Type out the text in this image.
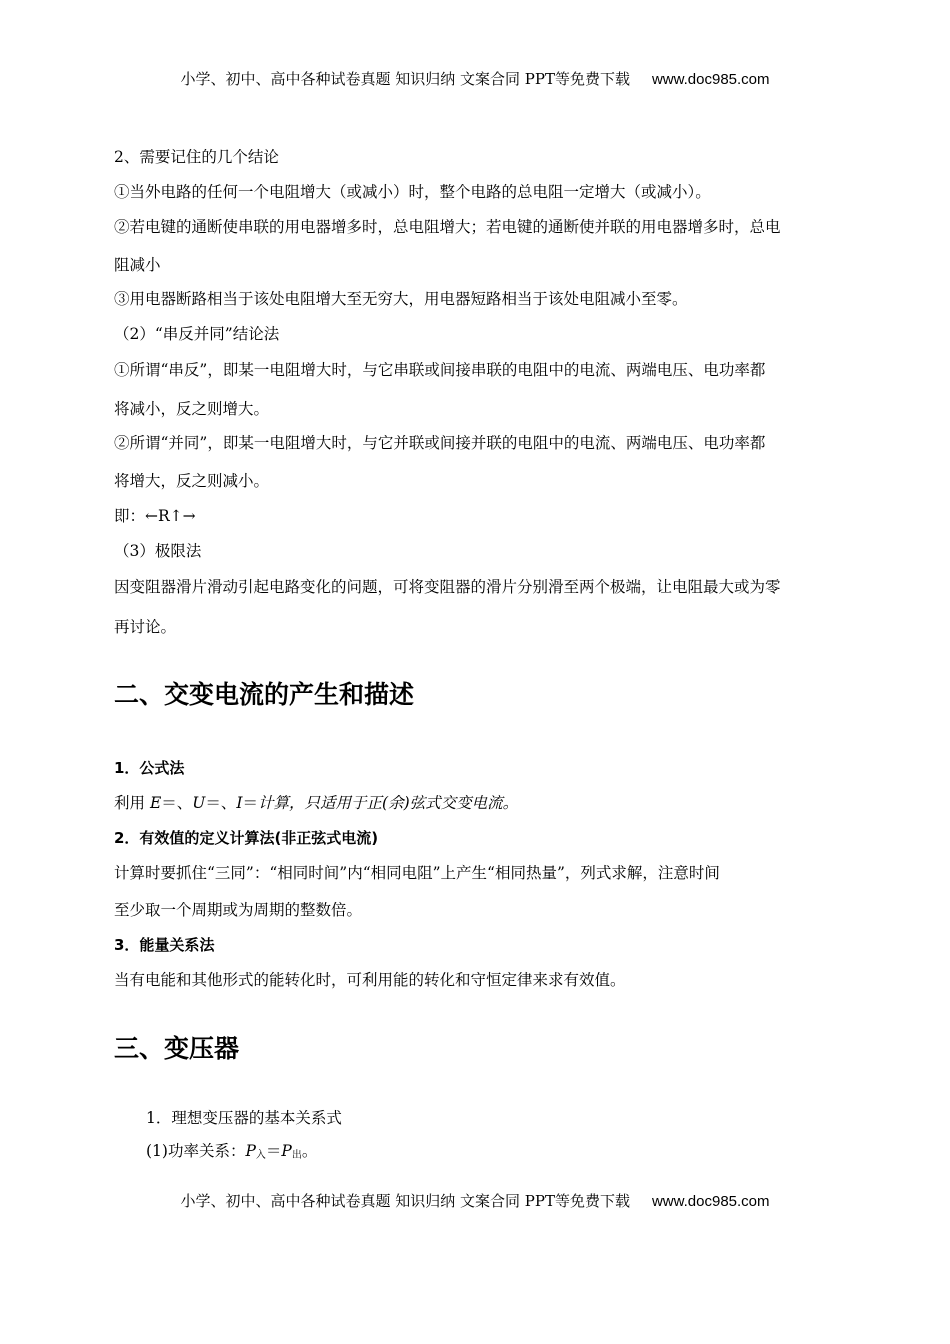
小学、初中、高中各种试卷真题 知识归纳 文案合同 PPT等免费下载 www.doc985.com
2、需要记住的几个结论
①当外电路的任何一个电阻增大（或减小）时，整个电路的总电阻一定增大（或减小）。
②若电键的通断使串联的用电器增多时，总电阻增大；若电键的通断使并联的用电器增多时，总电
阻减小
③用电器断路相当于该处电阻增大至无穷大，用电器短路相当于该处电阻减小至零。
（2）“串反并同”结论法
①所谓“串反”，即某一电阻增大时，与它串联或间接串联的电阻中的电流、两端电压、电功率都
将减小，反之则增大。
②所谓“并同”，即某一电阻增大时，与它并联或间接并联的电阻中的电流、两端电压、电功率都
将增大，反之则减小。
即：←R↑→
（3）极限法
因变阻器滑片滑动引起电路变化的问题，可将变阻器的滑片分别滑至两个极端，让电阻最大或为零
再讨论。
二、交变电流的产生和描述
1．公式法
利用 E＝、U＝、I＝计算，只适用于正(余)弦式交变电流。
2．有效值的定义计算法(非正弦式电流)
计算时要抓住“三同”：“相同时间”内“相同电阻”上产生“相同热量”，列式求解，注意时间
至少取一个周期或为周期的整数倍。
3．能量关系法
当有电能和其他形式的能转化时，可利用能的转化和守恒定律来求有效值。
三、变压器
1．理想变压器的基本关系式
(1)功率关系：$P_入=P_出$。
小学、初中、高中各种试卷真题 知识归纳 文案合同 PPT等免费下载 www.doc985.com
